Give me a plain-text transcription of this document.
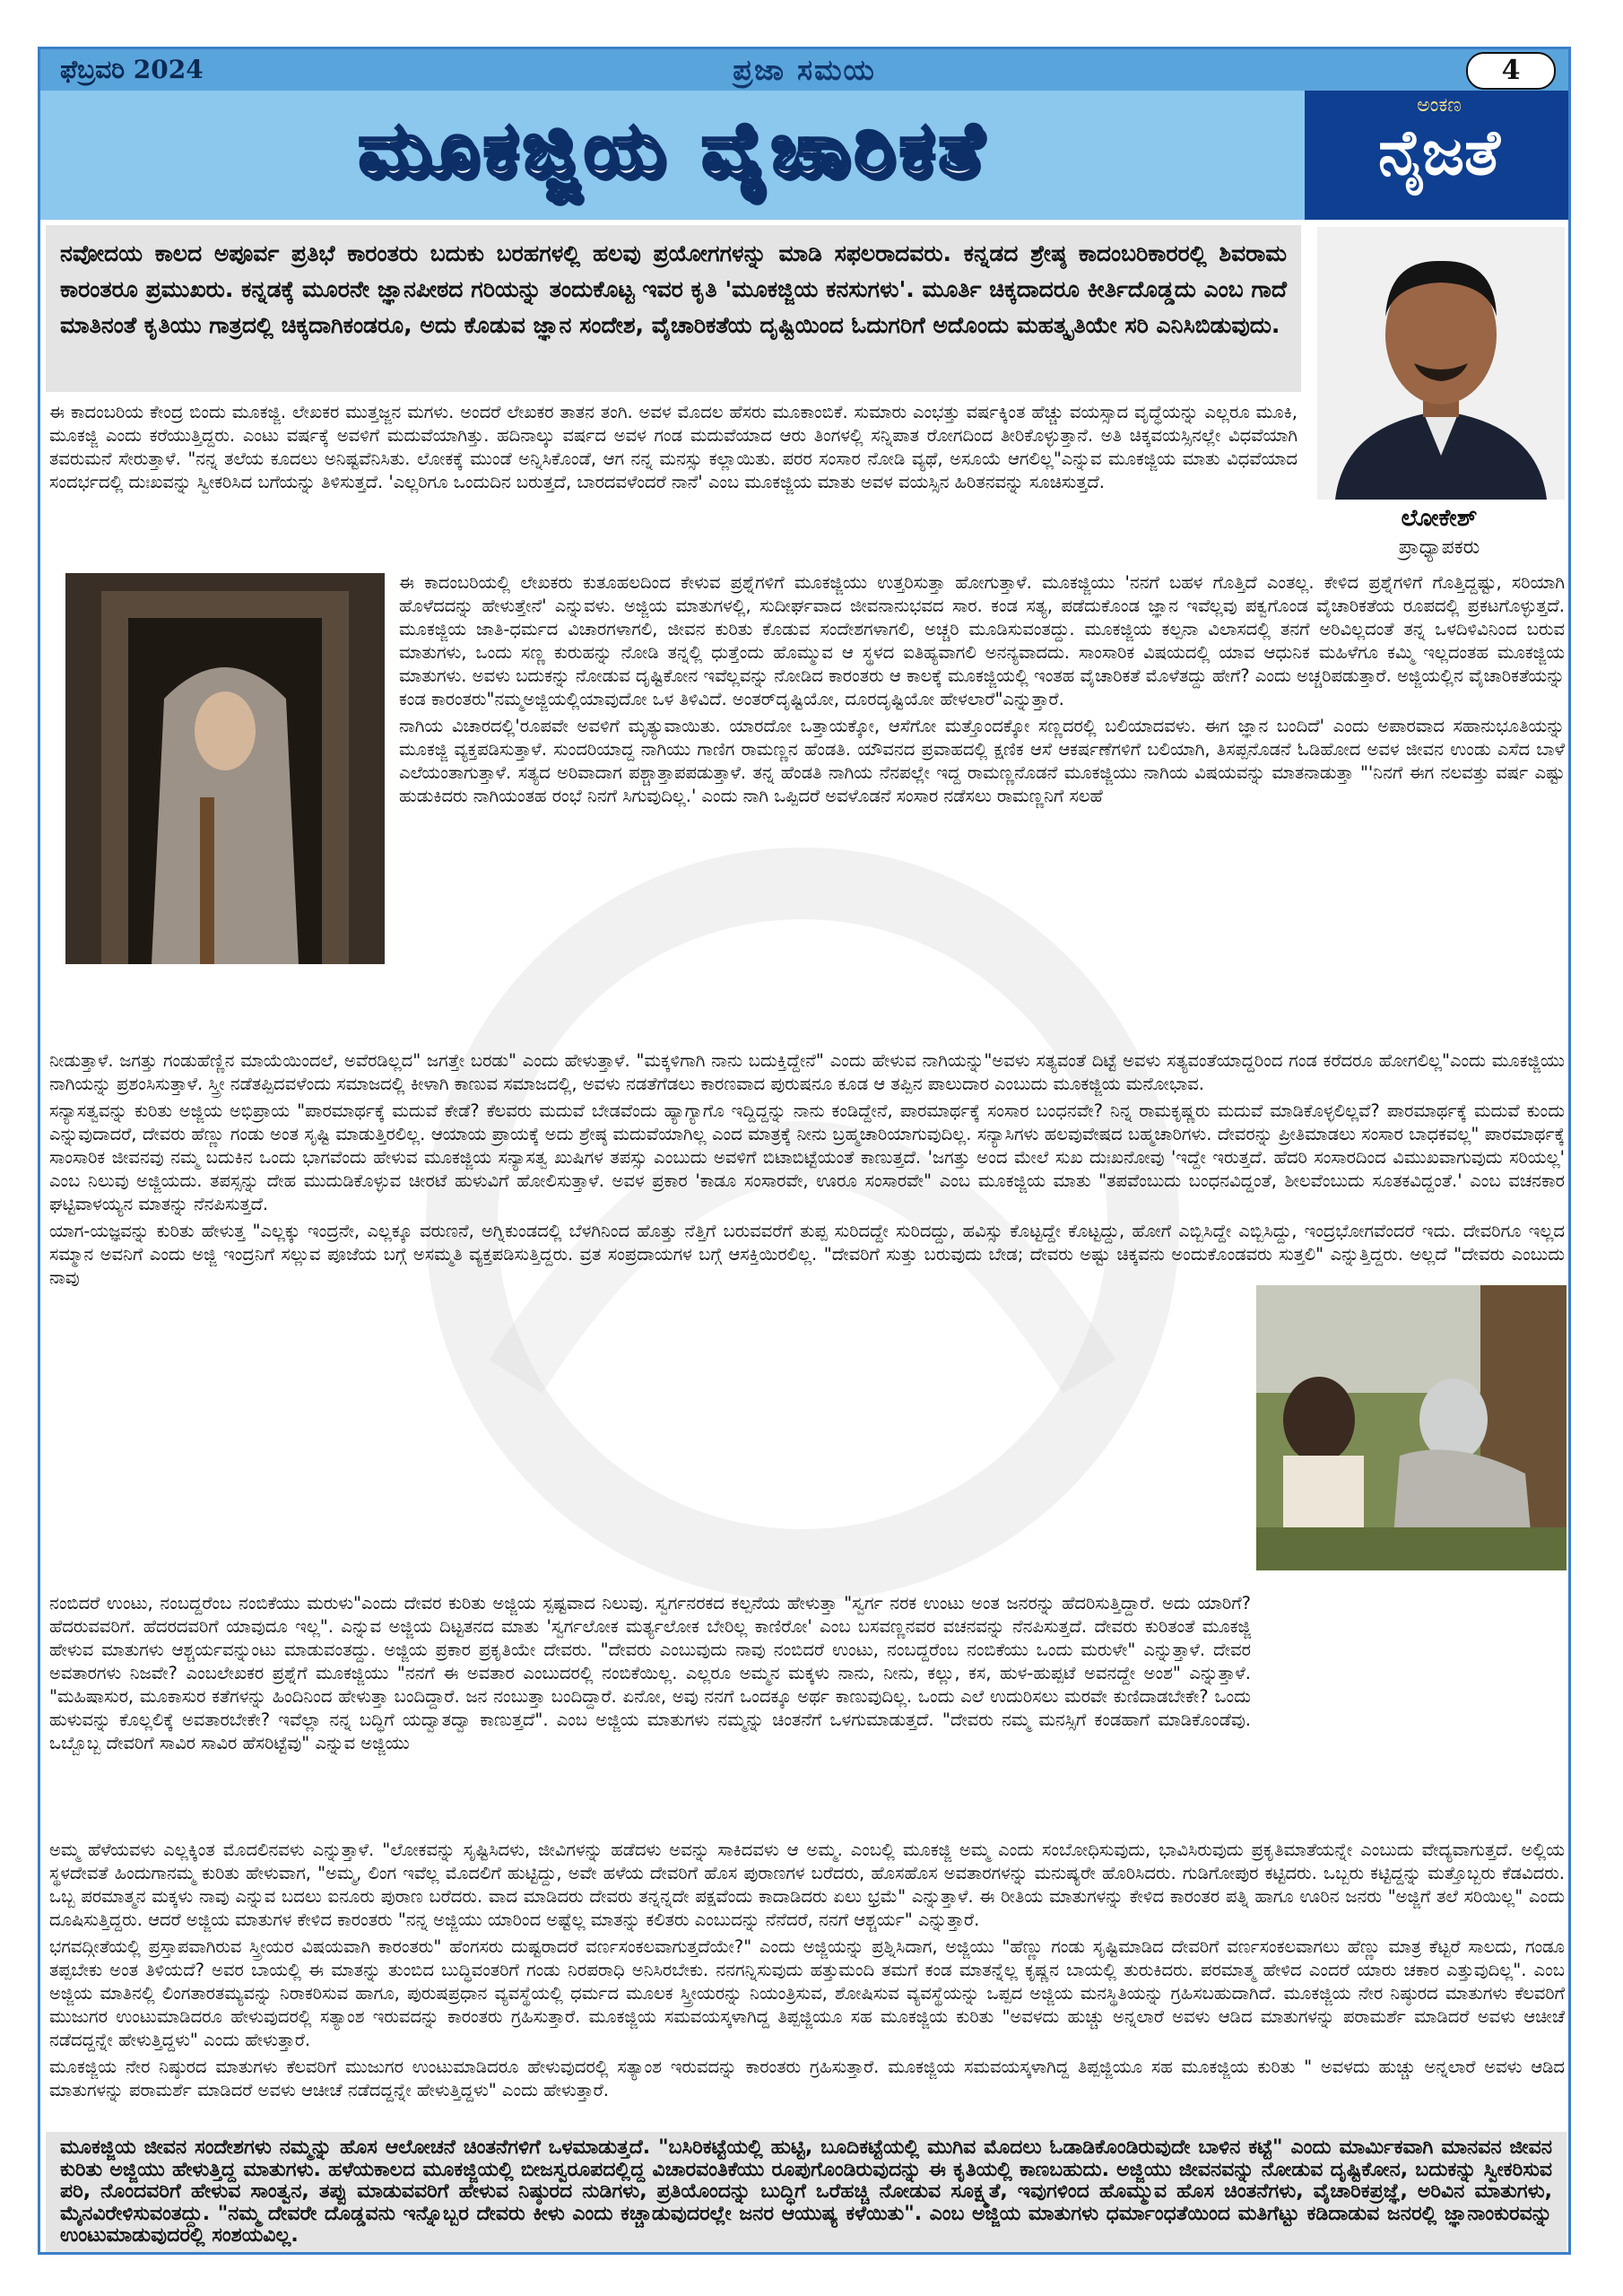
ಪ್ರಜಾ ಸಮಯ
ಫೆಬ್ರವರಿ 2024	4
ಮೂಕಜ್ಜಿಯ ವೈಚಾರಿಕತೆ	ಅಂಕಣ
ನೈಜತೆ
ಲೋಕೇಶ್
ಪ್ರಾಧ್ಯಾಪಕರು

ನವೋದಯ ಕಾಲದ ಅಪೂರ್ವ ಪ್ರತಿಭೆ ಕಾರಂತರು ಬದುಕು ಬರಹಗಳಲ್ಲಿ ಹಲವು ಪ್ರಯೋಗಗಳನ್ನು ಮಾಡಿ ಸಫಲರಾದವರು. ಕನ್ನಡದ ಶ್ರೇಷ್ಠ ಕಾದಂಬರಿಕಾರರಲ್ಲಿ ಶಿವರಾಮ ಕಾರಂತರೂ ಪ್ರಮುಖರು. ಕನ್ನಡಕ್ಕೆ ಮೂರನೇ ಜ್ಞಾನಪೀಠದ ಗರಿಯನ್ನು ತಂದುಕೊಟ್ಟ ಇವರ ಕೃತಿ 'ಮೂಕಜ್ಜಿಯ ಕನಸುಗಳು'. ಮೂರ್ತಿ ಚಿಕ್ಕದಾದರೂ ಕೀರ್ತಿದೊಡ್ಡದು ಎಂಬ ಗಾದೆ ಮಾತಿನಂತೆ ಕೃತಿಯು ಗಾತ್ರದಲ್ಲಿ ಚಿಕ್ಕದಾಗಿಕಂಡರೂ, ಅದು ಕೊಡುವ ಜ್ಞಾನ ಸಂದೇಶ, ವೈಚಾರಿಕತೆಯ ದೃಷ್ಟಿಯಿಂದ ಓದುಗರಿಗೆ ಅದೊಂದು ಮಹತ್ಕೃತಿಯೇ ಸರಿ ಎನಿಸಿಬಿಡುವುದು.

ಈ ಕಾದಂಬರಿಯ ಕೇಂದ್ರ ಬಿಂದು ಮೂಕಜ್ಜಿ. ಲೇಖಕರ ಮುತ್ತಜ್ಜನ ಮಗಳು. ಅಂದರೆ ಲೇಖಕರ ತಾತನ ತಂಗಿ. ಅವಳ ಮೊದಲ ಹೆಸರು ಮೂಕಾಂಬಿಕೆ. ಸುಮಾರು ಎಂಭತ್ತು ವರ್ಷಕ್ಕಿಂತ ಹೆಚ್ಚು ವಯಸ್ಸಾದ ವೃದ್ಧೆಯನ್ನು ಎಲ್ಲರೂ ಮೂಕಿ, ಮೂಕಜ್ಜಿ ಎಂದು ಕರೆಯುತ್ತಿದ್ದರು. ಎಂಟು ವರ್ಷಕ್ಕೆ ಅವಳಿಗೆ ಮದುವೆಯಾಗಿತ್ತು. ಹದಿನಾಲ್ಕು ವರ್ಷದ ಅವಳ ಗಂಡ ಮದುವೆಯಾದ ಆರು ತಿಂಗಳಲ್ಲಿ ಸನ್ನಿಪಾತ ರೋಗದಿಂದ ತೀರಿಕೊಳ್ಳುತ್ತಾನೆ. ಅತಿ ಚಿಕ್ಕವಯಸ್ಸಿನಲ್ಲೇ ವಿಧವೆಯಾಗಿ ತವರುಮನೆ ಸೇರುತ್ತಾಳೆ. "ನನ್ನ ತಲೆಯ ಕೂದಲು ಅನಿಷ್ಟವೆನಿಸಿತು. ಲೋಕಕ್ಕೆ ಮುಂಡೆ ಅನ್ನಿಸಿಕೊಂಡೆ, ಆಗ ನನ್ನ ಮನಸ್ಸು ಕಲ್ಲಾಯಿತು. ಪರರ ಸಂಸಾರ ನೋಡಿ ವ್ಯಥೆ, ಅಸೂಯೆ ಆಗಲಿಲ್ಲ"ಎನ್ನುವ ಮೂಕಜ್ಜಿಯ ಮಾತು ವಿಧವೆಯಾದ ಸಂದರ್ಭದಲ್ಲಿ ದುಃಖವನ್ನು ಸ್ವೀಕರಿಸಿದ ಬಗೆಯನ್ನು ತಿಳಿಸುತ್ತದೆ. 'ಎಲ್ಲರಿಗೂ ಒಂದುದಿನ ಬರುತ್ತದೆ, ಬಾರದವಳೆಂದರೆ ನಾನೆ' ಎಂಬ ಮೂಕಜ್ಜಿಯ ಮಾತು ಅವಳ ವಯಸ್ಸಿನ ಹಿರಿತನವನ್ನು ಸೂಚಿಸುತ್ತದೆ.

ಈ ಕಾದಂಬರಿಯಲ್ಲಿ ಲೇಖಕರು ಕುತೂಹಲದಿಂದ ಕೇಳುವ ಪ್ರಶ್ನೆಗಳಿಗೆ ಮೂಕಜ್ಜಿಯು ಉತ್ತರಿಸುತ್ತಾ ಹೋಗುತ್ತಾಳೆ. ಮೂಕಜ್ಜಿಯು 'ನನಗೆ ಬಹಳ ಗೊತ್ತಿದೆ ಎಂತಲ್ಲ. ಕೇಳಿದ ಪ್ರಶ್ನೆಗಳಿಗೆ ಗೊತ್ತಿದ್ದಷ್ಟು, ಸರಿಯಾಗಿ ಹೊಳೆದದನ್ನು ಹೇಳುತ್ತೇನೆ' ಎನ್ನುವಳು. ಅಜ್ಜಿಯ ಮಾತುಗಳಲ್ಲಿ, ಸುದೀರ್ಘವಾದ ಜೀವನಾನುಭವದ ಸಾರ. ಕಂಡ ಸತ್ಯ, ಪಡೆದುಕೊಂಡ ಜ್ಞಾನ ಇವೆಲ್ಲವು ಪಕ್ವಗೊಂಡ ವೈಚಾರಿಕತೆಯ ರೂಪದಲ್ಲಿ ಪ್ರಕಟಗೊಳ್ಳುತ್ತದೆ. ಮೂಕಜ್ಜಿಯ ಜಾತಿ-ಧರ್ಮದ ವಿಚಾರಗಳಾಗಲಿ, ಜೀವನ ಕುರಿತು ಕೊಡುವ ಸಂದೇಶಗಳಾಗಲಿ, ಅಚ್ಚರಿ ಮೂಡಿಸುವಂತದ್ದು. ಮೂಕಜ್ಜಿಯ ಕಲ್ಪನಾ ವಿಲಾಸದಲ್ಲಿ ತನಗೆ ಅರಿವಿಲ್ಲದಂತೆ ತನ್ನ ಒಳದಿಳಿವಿನಿಂದ ಬರುವ ಮಾತುಗಳು, ಒಂದು ಸಣ್ಣ ಕುರುಹನ್ನು ನೋಡಿ ತನ್ನಲ್ಲಿ ಧುತ್ತೆಂದು ಹೊಮ್ಮುವ ಆ ಸ್ಥಳದ ಐತಿಹ್ಯವಾಗಲಿ ಅನನ್ಯವಾದದು. ಸಾಂಸಾರಿಕ ವಿಷಯದಲ್ಲಿ ಯಾವ ಆಧುನಿಕ ಮಹಿಳೆಗೂ ಕಮ್ಮಿ ಇಲ್ಲದಂತಹ ಮೂಕಜ್ಜಿಯ ಮಾತುಗಳು. ಅವಳು ಬದುಕನ್ನು ನೋಡುವ ದೃಷ್ಟಿಕೋನ ಇವೆಲ್ಲವನ್ನು ನೋಡಿದ ಕಾರಂತರು ಆ ಕಾಲಕ್ಕೆ ಮೂಕಜ್ಜಿಯಲ್ಲಿ ಇಂತಹ ವೈಚಾರಿಕತೆ ಮೊಳೆತದ್ದು ಹೇಗೆ? ಎಂದು ಅಚ್ಚರಿಪಡುತ್ತಾರೆ. ಅಜ್ಜಿಯಲ್ಲಿನ ವೈಚಾರಿಕತೆಯನ್ನು ಕಂಡ ಕಾರಂತರು"ನಮ್ಮಅಜ್ಜಿಯಲ್ಲಿಯಾವುದೋ ಒಳ ತಿಳಿವಿದೆ. ಅಂತರ್‌ದೃಷ್ಟಿಯೋ, ದೂರದೃಷ್ಟಿಯೋ ಹೇಳಲಾರೆ"ಎನ್ನುತ್ತಾರೆ.

ನಾಗಿಯ ವಿಚಾರದಲ್ಲಿ'ರೂಪವೇ ಅವಳಿಗೆ ಮೃತ್ಯುವಾಯಿತು. ಯಾರದೋ ಒತ್ತಾಯಕ್ಕೋ, ಆಸೆಗೋ ಮತ್ತೊಂದಕ್ಕೋ ಸಣ್ಣದರಲ್ಲಿ ಬಲಿಯಾದವಳು. ಈಗ ಜ್ಞಾನ ಬಂದಿದೆ' ಎಂದು ಅಪಾರವಾದ ಸಹಾನುಭೂತಿಯನ್ನು ಮೂಕಜ್ಜಿ ವ್ಯಕ್ತಪಡಿಸುತ್ತಾಳೆ. ಸುಂದರಿಯಾದ್ದ ನಾಗಿಯು ಗಾಣಿಗ ರಾಮಣ್ಣನ ಹೆಂಡತಿ. ಯೌವನದ ಪ್ರವಾಹದಲ್ಲಿ ಕ್ಷಣಿಕ ಆಸೆ ಆಕರ್ಷಣೆಗಳಿಗೆ ಬಲಿಯಾಗಿ, ತಿಸಪ್ಪನೊಡನೆ ಓಡಿಹೋದ ಅವಳ ಜೀವನ ಉಂಡು ಎಸೆದ ಬಾಳೆ ಎಲೆಯಂತಾಗುತ್ತಾಳೆ. ಸತ್ಯದ ಅರಿವಾದಾಗ ಪಶ್ಚಾತ್ತಾಪಪಡುತ್ತಾಳೆ. ತನ್ನ ಹೆಂಡತಿ ನಾಗಿಯ ನೆನಪಲ್ಲೇ ಇದ್ದ ರಾಮಣ್ಣನೊಡನೆ ಮೂಕಜ್ಜಿಯು ನಾಗಿಯ ವಿಷಯವನ್ನು ಮಾತನಾಡುತ್ತಾ "'ನಿನಗೆ ಈಗ ನಲವತ್ತು ವರ್ಷ ಎಷ್ಟು ಹುಡುಕಿದರು ನಾಗಿಯಂತಹ ರಂಭೆ ನಿನಗೆ ಸಿಗುವುದಿಲ್ಲ.' ಎಂದು ನಾಗಿ ಒಪ್ಪಿದರೆ ಅವಳೊಡನೆ ಸಂಸಾರ ನಡೆಸಲು ರಾಮಣ್ಣನಿಗೆ ಸಲಹೆ

ನೀಡುತ್ತಾಳೆ. ಜಗತ್ತು ಗಂಡುಹೆಣ್ಣಿನ ಮಾಯೆಯಿಂದಲೆ, ಅವೆರಡಿಲ್ಲದ" ಜಗತ್ತೇ ಬರಡು" ಎಂದು ಹೇಳುತ್ತಾಳೆ. "ಮಕ್ಕಳಿಗಾಗಿ ನಾನು ಬದುಕ್ತಿದ್ದೇನೆ" ಎಂದು ಹೇಳುವ ನಾಗಿಯನ್ನು"ಅವಳು ಸತ್ಯವಂತೆ ದಿಟ್ಟೆ ಅವಳು ಸತ್ಯವಂತೆಯಾದ್ದರಿಂದ ಗಂಡ ಕರೆದರೂ ಹೋಗಲಿಲ್ಲ"ಎಂದು ಮೂಕಜ್ಜಿಯು ನಾಗಿಯನ್ನು ಪ್ರಶಂಸಿಸುತ್ತಾಳೆ. ಸ್ತ್ರೀ ನಡೆತಪ್ಪಿದವಳೆಂದು ಸಮಾಜದಲ್ಲಿ ಕೀಳಾಗಿ ಕಾಣುವ ಸಮಾಜದಲ್ಲಿ, ಅವಳು ನಡತೆಗೆಡಲು ಕಾರಣವಾದ ಪುರುಷನೂ ಕೂಡ ಆ ತಪ್ಪಿನ ಪಾಲುದಾರ ಎಂಬುದು ಮೂಕಜ್ಜಿಯ ಮನೋಭಾವ.

ಸನ್ಯಾಸತ್ವವನ್ನು ಕುರಿತು ಅಜ್ಜಿಯ ಅಭಿಪ್ರಾಯ "ಪಾರಮಾರ್ಥಕ್ಕೆ ಮದುವೆ ಕೇಡೆ? ಕೆಲವರು ಮದುವೆ ಬೇಡವೆಂದು ಹ್ಯಾಗ್ಯಾಗೊ ಇದ್ದಿದ್ದನ್ನು ನಾನು ಕಂಡಿದ್ದೇನೆ, ಪಾರಮಾರ್ಥಕ್ಕೆ ಸಂಸಾರ ಬಂಧನವೇ? ನಿನ್ನ ರಾಮಕೃಷ್ಣರು ಮದುವೆ ಮಾಡಿಕೊಳ್ಳಲಿಲ್ಲವೆ? ಪಾರಮಾರ್ಥಕ್ಕೆ ಮದುವೆ ಕುಂದು ಎನ್ನುವುದಾದರೆ, ದೇವರು ಹೆಣ್ಣು ಗಂಡು ಅಂತ ಸೃಷ್ಟಿ ಮಾಡುತ್ತಿರಲಿಲ್ಲ. ಆಯಾಯ ಪ್ರಾಯಕ್ಕೆ ಅದು ಶ್ರೇಷ್ಠ ಮದುವೆಯಾಗಿಲ್ಲ ಎಂದ ಮಾತ್ರಕ್ಕೆ ನೀನು ಬ್ರಹ್ಮಚಾರಿಯಾಗುವುದಿಲ್ಲ. ಸನ್ಯಾಸಿಗಳು ಹಲವುವೇಷದ ಬಹ್ಮಚಾರಿಗಳು. ದೇವರನ್ನು ಪ್ರೀತಿಮಾಡಲು ಸಂಸಾರ ಬಾಧಕವಲ್ಲ" ಪಾರಮಾರ್ಥಕ್ಕೆ ಸಾಂಸಾರಿಕ ಜೀವನವು ನಮ್ಮ ಬದುಕಿನ ಒಂದು ಭಾಗವೆಂದು ಹೇಳುವ ಮೂಕಜ್ಜಿಯ ಸನ್ಯಾಸತ್ವ ಖುಷಿಗಳ ತಪಸ್ಸು ಎಂಬುದು ಅವಳಿಗೆ ಬಿಟಾಬಿಟ್ಟೆಯಂತೆ ಕಾಣುತ್ತದೆ. 'ಜಗತ್ತು ಅಂದ ಮೇಲೆ ಸುಖ ದುಃಖನೋವು 'ಇದ್ದೇ ಇರುತ್ತದೆ. ಹೆದರಿ ಸಂಸಾರದಿಂದ ವಿಮುಖವಾಗುವುದು ಸರಿಯಲ್ಲ' ಎಂಬ ನಿಲುವು ಅಜ್ಜಿಯದು. ತಪಸ್ಸನ್ನು ದೇಹ ಮುದುಡಿಕೊಳ್ಳುವ ಚೀರಟೆ ಹುಳುವಿಗೆ ಹೋಲಿಸುತ್ತಾಳೆ. ಅವಳ ಪ್ರಕಾರ 'ಕಾಡೂ ಸಂಸಾರವೇ, ಊರೂ ಸಂಸಾರವೇ" ಎಂಬ ಮೂಕಜ್ಜಿಯ ಮಾತು "ತಪವೆಂಬುದು ಬಂಧನವಿದ್ದಂತೆ, ಶೀಲವೆಂಬುದು ಸೂತಕವಿದ್ದಂತೆ.' ಎಂಬ ವಚನಕಾರ ಘಟ್ಟಿವಾಳಯ್ಯನ ಮಾತನ್ನು ನೆನಪಿಸುತ್ತದೆ.

ಯಾಗ-ಯಜ್ಞವನ್ನು ಕುರಿತು ಹೇಳುತ್ತ "ಎಲ್ಲಕ್ಕು ಇಂದ್ರನೇ, ಎಲ್ಲಕ್ಕೂ ವರುಣನೆ, ಅಗ್ನಿಕುಂಡದಲ್ಲಿ ಬೆಳಗಿನಿಂದ ಹೊತ್ತು ನೆತ್ತಿಗೆ ಬರುವವರೆಗೆ ತುಪ್ಪ ಸುರಿದದ್ದೇ ಸುರಿದದ್ದು, ಹವಿಸ್ಸು ಕೊಟ್ಟದ್ದೇ ಕೊಟ್ಟದ್ದು, ಹೋಗೆ ಎಬ್ಬಿಸಿದ್ದೇ ಎಬ್ಬಿಸಿದ್ದು, ಇಂದ್ರಭೋಗವೆಂದರೆ ಇದು. ದೇವರಿಗೂ ಇಲ್ಲದ ಸಮ್ಮಾನ ಅವನಿಗೆ ಎಂದು ಅಜ್ಜಿ ಇಂದ್ರನಿಗೆ ಸಲ್ಲುವ ಪೂಜೆಯ ಬಗ್ಗೆ ಅಸಮ್ಮತಿ ವ್ಯಕ್ತಪಡಿಸುತ್ತಿದ್ದರು. ವ್ರತ ಸಂಪ್ರದಾಯಗಳ ಬಗ್ಗೆ ಆಸಕ್ತಿಯಿರಲಿಲ್ಲ. "ದೇವರಿಗೆ ಸುತ್ತು ಬರುವುದು ಬೇಡ; ದೇವರು ಅಷ್ಟು ಚಿಕ್ಕವನು ಅಂದುಕೊಂಡವರು ಸುತ್ತಲಿ" ಎನ್ನುತ್ತಿದ್ದರು. ಅಲ್ಲದೆ "ದೇವರು ಎಂಬುದು ನಾವು

ನಂಬಿದರೆ ಉಂಟು, ನಂಬದ್ದರೆಂಬ ನಂಬಿಕೆಯು ಮರುಳು"ಎಂದು ದೇವರ ಕುರಿತು ಅಜ್ಜಿಯ ಸ್ಪಷ್ಟವಾದ ನಿಲುವು. ಸ್ವರ್ಗನರಕದ ಕಲ್ಪನೆಯ ಹೇಳುತ್ತಾ "ಸ್ವರ್ಗ ನರಕ ಉಂಟು ಅಂತ ಜನರನ್ನು ಹೆದರಿಸುತ್ತಿದ್ದಾರೆ. ಅದು ಯಾರಿಗೆ? ಹೆದರುವವರಿಗೆ. ಹೆದರದವರಿಗೆ ಯಾವುದೂ ಇಲ್ಲ". ಎನ್ನುವ ಅಜ್ಜಿಯ ದಿಟ್ಟತನದ ಮಾತು 'ಸ್ವರ್ಗಲೋಕ ಮರ್ತ್ಯಲೋಕ ಬೇರಿಲ್ಲ ಕಾಣಿರೋ' ಎಂಬ ಬಸವಣ್ಣನವರ ವಚನವನ್ನು ನೆನಪಿಸುತ್ತದೆ. ದೇವರು ಕುರಿತಂತೆ ಮೂಕಜ್ಜಿ ಹೇಳುವ ಮಾತುಗಳು ಆಶ್ಚರ್ಯವನ್ನುಂಟು ಮಾಡುವಂತದ್ದು. ಅಜ್ಜಿಯ ಪ್ರಕಾರ ಪ್ರಕೃತಿಯೇ ದೇವರು. "ದೇವರು ಎಂಬುವುದು ನಾವು ನಂಬಿದರೆ ಉಂಟು, ನಂಬದ್ದರೆಂಬ ನಂಬಿಕೆಯು ಒಂದು ಮರುಳೇ" ಎನ್ನುತ್ತಾಳೆ. ದೇವರ ಅವತಾರಗಳು ನಿಜವೇ? ಎಂಬಲೇಖಕರ ಪ್ರಶ್ನೆಗೆ ಮೂಕಜ್ಜಿಯು "ನನಗೆ ಈ ಅವತಾರ ಎಂಬುದರಲ್ಲಿ ನಂಬಿಕೆಯಿಲ್ಲ. ಎಲ್ಲರೂ ಅಮ್ಮನ ಮಕ್ಕಳು ನಾನು, ನೀನು, ಕಲ್ಲು, ಕಸ, ಹುಳ-ಹುಪ್ಪಟೆ ಅವನದ್ದೇ ಅಂಶ" ಎನ್ನುತ್ತಾಳೆ. "ಮಹಿಷಾಸುರ, ಮೂಕಾಸುರ ಕತೆಗಳನ್ನು ಹಿಂದಿನಿಂದ ಹೇಳುತ್ತಾ ಬಂದಿದ್ದಾರೆ. ಜನ ನಂಬುತ್ತಾ ಬಂದಿದ್ದಾರೆ. ಏನೋ, ಅವು ನನಗೆ ಒಂದಕ್ಕೂ ಅರ್ಥ ಕಾಣುವುದಿಲ್ಲ. ಒಂದು ಎಲೆ ಉದುರಿಸಲು ಮರವೇ ಕುಣಿದಾಡಬೇಕೇ? ಒಂದು ಹುಳುವನ್ನು ಕೊಲ್ಲಲಿಕ್ಕೆ ಅವತಾರಬೇಕೇ? ಇವೆಲ್ಲಾ ನನ್ನ ಬದ್ಧಿಗೆ ಯದ್ವಾತದ್ವಾ ಕಾಣುತ್ತದೆ". ಎಂಬ ಅಜ್ಜಿಯ ಮಾತುಗಳು ನಮ್ಮನ್ನು ಚಿಂತನೆಗೆ ಒಳಗುಮಾಡುತ್ತದೆ. "ದೇವರು ನಮ್ಮ ಮನಸ್ಸಿಗೆ ಕಂಡಹಾಗೆ ಮಾಡಿಕೊಂಡೆವು. ಒಬ್ಬೊಬ್ಬ ದೇವರಿಗೆ ಸಾವಿರ ಸಾವಿರ ಹೆಸರಿಟ್ಟೆವು" ಎನ್ನುವ ಅಜ್ಜಿಯು

ಅಮ್ಮ ಹೆಳೆಯವಳು ಎಲ್ಲಕ್ಕಿಂತ ಮೊದಲಿನವಳು ಎನ್ನುತ್ತಾಳೆ. "ಲೋಕವನ್ನು ಸೃಷ್ಟಿಸಿದಳು, ಜೀವಿಗಳನ್ನು ಹಡೆದಳು ಅವನ್ನು ಸಾಕಿದವಳು ಆ ಅಮ್ಮ. ಎಂಬಲ್ಲಿ ಮೂಕಜ್ಜಿ ಅಮ್ಮ ಎಂದು ಸಂಬೋಧಿಸುವುದು, ಭಾವಿಸಿರುವುದು ಪ್ರಕೃತಿಮಾತೆಯನ್ನೇ ಎಂಬುದು ವೇದ್ಯವಾಗುತ್ತದೆ. ಅಲ್ಲಿಯ ಸ್ಥಳದೇವತೆ ಹಿಂದುಗಾನಮ್ಮ ಕುರಿತು ಹೇಳುವಾಗ, "ಅಮ್ಮ, ಲಿಂಗ ಇವೆಲ್ಲ ಮೊದಲಿಗೆ ಹುಟ್ಟಿದ್ದು, ಅವೇ ಹಳೆಯ ದೇವರಿಗೆ ಹೊಸ ಪುರಾಣಗಳ ಬರೆದರು, ಹೊಸಹೊಸ ಅವತಾರಗಳನ್ನು ಮನುಷ್ಯರೇ ಹೊರಿಸಿದರು. ಗುಡಿಗೋಪುರ ಕಟ್ಟಿದರು. ಒಬ್ಬರು ಕಟ್ಟಿದ್ದನ್ನು ಮತ್ತೊಬ್ಬರು ಕೆಡವಿದರು. ಒಬ್ಬ ಪರಮಾತ್ಮನ ಮಕ್ಕಳು ನಾವು ಎನ್ನುವ ಬದಲು ಐನೂರು ಪುರಾಣ ಬರೆದರು. ವಾದ ಮಾಡಿದರು ದೇವರು ತನ್ನನ್ನದೇ ಪಕ್ಷವೆಂದು ಕಾದಾಡಿದರು ಏಲು ಭ್ರಮೆ" ಎನ್ನುತ್ತಾಳೆ. ಈ ರೀತಿಯ ಮಾತುಗಳನ್ನು ಕೇಳಿದ ಕಾರಂತರ ಪತ್ನಿ ಹಾಗೂ ಊರಿನ ಜನರು "ಅಜ್ಜಿಗೆ ತಲೆ ಸರಿಯಿಲ್ಲ" ಎಂದು ದೂಷಿಸುತ್ತಿದ್ದರು. ಆದರೆ ಅಜ್ಜಿಯ ಮಾತುಗಳ ಕೇಳಿದ ಕಾರಂತರು "ನನ್ನ ಅಜ್ಜಿಯು ಯಾರಿಂದ ಅಷ್ಟೆಲ್ಲ ಮಾತನ್ನು ಕಲಿತರು ಎಂಬುದನ್ನು ನೆನೆದರೆ, ನನಗೆ ಆಶ್ಚರ್ಯ" ಎನ್ನುತ್ತಾರೆ.

ಭಗವದ್ಗೀತೆಯಲ್ಲಿ ಪ್ರಸ್ತಾಪವಾಗಿರುವ ಸ್ತ್ರೀಯರ ವಿಷಯವಾಗಿ ಕಾರಂತರು" ಹೆಂಗಸರು ದುಷ್ಟರಾದರೆ ವರ್ಣಸಂಕಲವಾಗುತ್ತದೆಯೇ?" ಎಂದು ಅಜ್ಜಿಯನ್ನು ಪ್ರಶ್ನಿಸಿದಾಗ, ಅಜ್ಜಿಯು "ಹೆಣ್ಣು ಗಂಡು ಸೃಷ್ಟಿಮಾಡಿದ ದೇವರಿಗೆ ವರ್ಣಸಂಕಲವಾಗಲು ಹೆಣ್ಣು ಮಾತ್ರ ಕೆಟ್ಟರೆ ಸಾಲದು, ಗಂಡೂ ತಪ್ಪಬೇಕು ಅಂತ ತಿಳಿಯದೆ? ಅವರ ಬಾಯಲ್ಲಿ ಈ ಮಾತನ್ನು ತುಂಬಿದ ಬುದ್ಧಿವಂತರಿಗೆ ಗಂಡು ನಿರಪರಾಧಿ ಅನಿಸಿರಬೇಕು. ನನಗನ್ನಿಸುವುದು ಹತ್ತುಮಂದಿ ತಮಗೆ ಕಂಡ ಮಾತನ್ನೆಲ್ಲ ಕೃಷ್ಣನ ಬಾಯಲ್ಲಿ ತುರುಕಿದರು. ಪರಮಾತ್ಮ ಹೇಳಿದ ಎಂದರೆ ಯಾರು ಚಕಾರ ಎತ್ತುವುದಿಲ್ಲ". ಎಂಬ ಅಜ್ಜಿಯ ಮಾತಿನಲ್ಲಿ ಲಿಂಗತಾರತಮ್ಯವನ್ನು ನಿರಾಕರಿಸುವ ಹಾಗೂ, ಪುರುಷಪ್ರಧಾನ ವ್ಯವಸ್ಥೆಯಲ್ಲಿ ಧರ್ಮದ ಮೂಲಕ ಸ್ತ್ರೀಯರನ್ನು ನಿಯಂತ್ರಿಸುವ, ಶೋಷಿಸುವ ವ್ಯವಸ್ಥೆಯನ್ನು ಒಪ್ಪದ ಅಜ್ಜಿಯ ಮನಸ್ಥಿತಿಯನ್ನು ಗ್ರಹಿಸಬಹುದಾಗಿದೆ. ಮೂಕಜ್ಜಿಯ ನೇರ ನಿಷ್ಠುರದ ಮಾತುಗಳು ಕೆಲವರಿಗೆ ಮುಜುಗರ ಉಂಟುಮಾಡಿದರೂ ಹೇಳುವುದರಲ್ಲಿ ಸತ್ಯಾಂಶ ಇರುವದನ್ನು ಕಾರಂತರು ಗ್ರಹಿಸುತ್ತಾರೆ. ಮೂಕಜ್ಜಿಯ ಸಮವಯಸ್ಕಳಾಗಿದ್ದ ತಿಪ್ಪಜ್ಜಿಯೂ ಸಹ ಮೂಕಜ್ಜಿಯ ಕುರಿತು "ಅವಳದು ಹುಚ್ಚು ಅನ್ನಲಾರೆ ಅವಳು ಆಡಿದ ಮಾತುಗಳನ್ನು ಪರಾಮರ್ಶೆ ಮಾಡಿದರೆ ಅವಳು ಆಚೀಚೆ ನಡೆದದ್ದನ್ನೇ ಹೇಳುತ್ತಿದ್ದಳು" ಎಂದು ಹೇಳುತ್ತಾರೆ.

ಮೂಕಜ್ಜಿಯ ನೇರ ನಿಷ್ಠುರದ ಮಾತುಗಳು ಕೆಲವರಿಗೆ ಮುಜುಗರ ಉಂಟುಮಾಡಿದರೂ ಹೇಳುವುದರಲ್ಲಿ ಸತ್ಯಾಂಶ ಇರುವದನ್ನು ಕಾರಂತರು ಗ್ರಹಿಸುತ್ತಾರೆ. ಮೂಕಜ್ಜಿಯ ಸಮವಯಸ್ಕಳಾಗಿದ್ದ ತಿಪ್ಪಜ್ಜಿಯೂ ಸಹ ಮೂಕಜ್ಜಿಯ ಕುರಿತು " ಅವಳದು ಹುಚ್ಚು ಅನ್ನಲಾರೆ ಅವಳು ಆಡಿದ ಮಾತುಗಳನ್ನು ಪರಾಮರ್ಶೆ ಮಾಡಿದರೆ ಅವಳು ಆಚೀಚೆ ನಡೆದದ್ದನ್ನೇ ಹೇಳುತ್ತಿದ್ದಳು" ಎಂದು ಹೇಳುತ್ತಾರೆ.

ಮೂಕಜ್ಜಿಯ ಜೀವನ ಸಂದೇಶಗಳು ನಮ್ಮನ್ನು ಹೊಸ ಆಲೋಚನೆ ಚಿಂತನೆಗಳಿಗೆ ಒಳಮಾಡುತ್ತದೆ. "ಬಸಿರಿಕಟ್ಟೆಯಲ್ಲಿ ಹುಟ್ಟಿ, ಬೂದಿಕಟ್ಟೆಯಲ್ಲಿ ಮುಗಿವ ಮೊದಲು ಓಡಾಡಿಕೊಂಡಿರುವುದೇ ಬಾಳಿನ ಕಟ್ಟೆ" ಎಂದು ಮಾರ್ಮಿಕವಾಗಿ ಮಾನವನ ಜೀವನ ಕುರಿತು ಅಜ್ಜಿಯು ಹೇಳುತ್ತಿದ್ದ ಮಾತುಗಳು. ಹಳೆಯಕಾಲದ ಮೂಕಜ್ಜಿಯಲ್ಲಿ ಬೀಜಸ್ವರೂಪದಲ್ಲಿದ್ದ ವಿಚಾರವಂತಿಕೆಯು ರೂಪುಗೊಂಡಿರುವುದನ್ನು ಈ ಕೃತಿಯಲ್ಲಿ ಕಾಣಬಹುದು. ಅಜ್ಜಿಯು ಜೀವನವನ್ನು ನೋಡುವ ದೃಷ್ಟಿಕೋನ, ಬದುಕನ್ನು ಸ್ವೀಕರಿಸುವ ಪರಿ, ನೊಂದವರಿಗೆ ಹೇಳುವ ಸಾಂತ್ವನ, ತಪ್ಪು ಮಾಡುವವರಿಗೆ ಹೇಳುವ ನಿಷ್ಠುರದ ನುಡಿಗಳು, ಪ್ರತಿಯೊಂದನ್ನು ಬುದ್ಧಿಗೆ ಒರೆಹಚ್ಚಿ ನೋಡುವ ಸೂಕ್ಷ್ಮತೆ, ಇವುಗಳಿಂದ ಹೊಮ್ಮುವ ಹೊಸ ಚಿಂತನೆಗಳು, ವೈಚಾರಿಕಪ್ರಜ್ಞೆ, ಅರಿವಿನ ಮಾತುಗಳು, ಮೈನವಿರೇಳಿಸುವಂತದ್ದು. "ನಮ್ಮ ದೇವರೇ ದೊಡ್ಡವನು ಇನ್ನೊಬ್ಬರ ದೇವರು ಕೀಳು ಎಂದು ಕಚ್ಚಾಡುವುದರಲ್ಲೇ ಜನರ ಆಯುಷ್ಯ ಕಳೆಯಿತು". ಎಂಬ ಅಜ್ಜಿಯ ಮಾತುಗಳು ಧರ್ಮಾಂಧತೆಯಿಂದ ಮತಿಗೆಟ್ಟು ಕಡಿದಾಡುವ ಜನರಲ್ಲಿ ಜ್ಞಾನಾಂಕುರವನ್ನು ಉಂಟುಮಾಡುವುದರಲ್ಲಿ ಸಂಶಯವಿಲ್ಲ.
